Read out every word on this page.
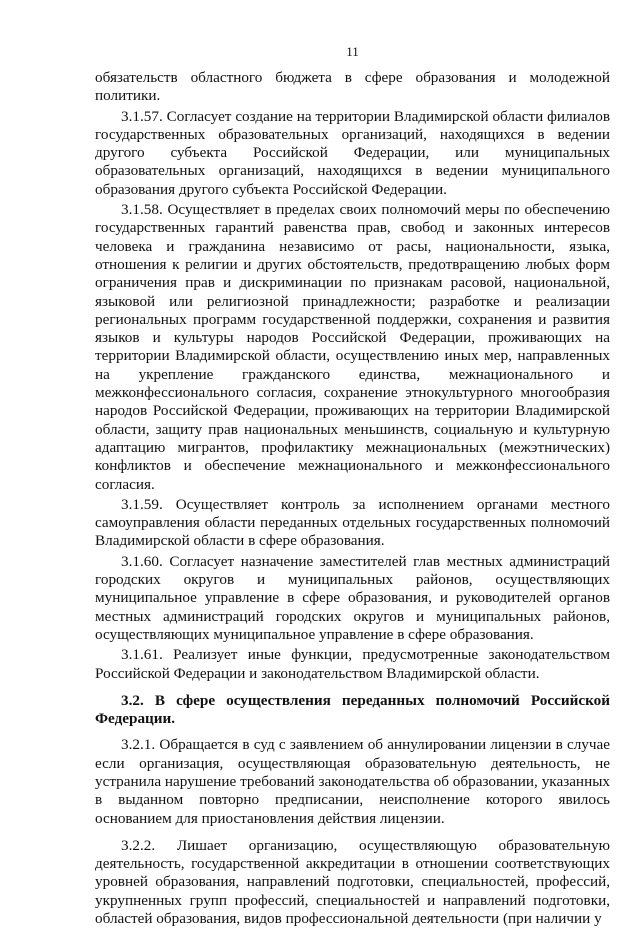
11

обязательств областного бюджета в сфере образования и молодежной политики.

3.1.57. Согласует создание на территории Владимирской области филиалов государственных образовательных организаций, находящихся в ведении другого субъекта Российской Федерации, или муниципальных образовательных организаций, находящихся в ведении муниципального образования другого субъекта Российской Федерации.

3.1.58. Осуществляет в пределах своих полномочий меры по обеспечению государственных гарантий равенства прав, свобод и законных интересов человека и гражданина независимо от расы, национальности, языка, отношения к религии и других обстоятельств, предотвращению любых форм ограничения прав и дискриминации по признакам расовой, национальной, языковой или религиозной принадлежности; разработке и реализации региональных программ государственной поддержки, сохранения и развития языков и культуры народов Российской Федерации, проживающих на территории Владимирской области, осуществлению иных мер, направленных на укрепление гражданского единства, межнационального и межконфессионального согласия, сохранение этнокультурного многообразия народов Российской Федерации, проживающих на территории Владимирской области, защиту прав национальных меньшинств, социальную и культурную адаптацию мигрантов, профилактику межнациональных (межэтнических) конфликтов и обеспечение межнационального и межконфессионального согласия.

3.1.59. Осуществляет контроль за исполнением органами местного самоуправления области переданных отдельных государственных полномочий Владимирской области в сфере образования.

3.1.60. Согласует назначение заместителей глав местных администраций городских округов и муниципальных районов, осуществляющих муниципальное управление в сфере образования, и руководителей органов местных администраций городских округов и муниципальных районов, осуществляющих муниципальное управление в сфере образования.

3.1.61. Реализует иные функции, предусмотренные законодательством Российской Федерации и законодательством Владимирской области.

3.2. В сфере осуществления переданных полномочий Российской Федерации.

3.2.1. Обращается в суд с заявлением об аннулировании лицензии в случае если организация, осуществляющая образовательную деятельность, не устранила нарушение требований законодательства об образовании, указанных в выданном повторно предписании, неисполнение которого явилось основанием для приостановления действия лицензии.

3.2.2. Лишает организацию, осуществляющую образовательную деятельность, государственной аккредитации в отношении соответствующих уровней образования, направлений подготовки, специальностей, профессий, укрупненных групп профессий, специальностей и направлений подготовки, областей образования, видов профессиональной деятельности (при наличии у
